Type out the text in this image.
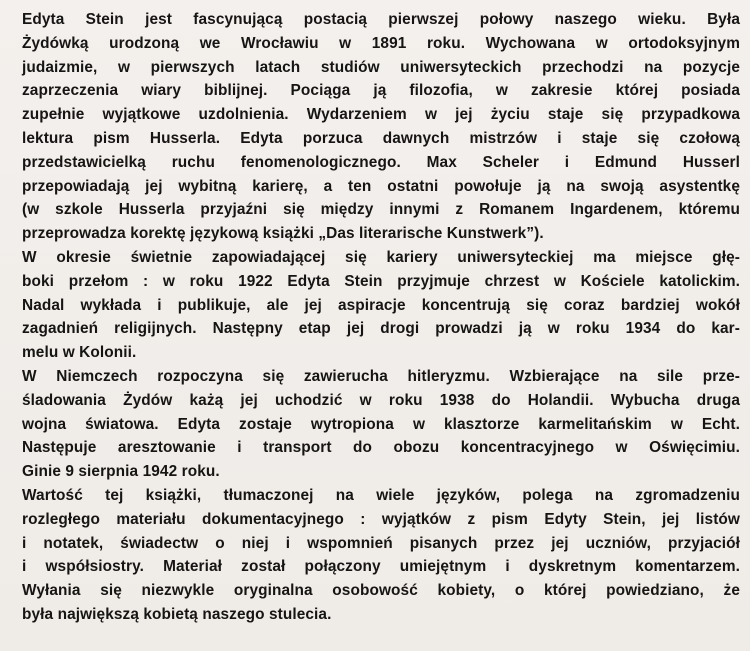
Edyta Stein jest fascynującą postacią pierwszej połowy naszego wieku. Była
Żydówką urodzoną we Wrocławiu w 1891 roku. Wychowana w ortodoksyjnym
judaizmie, w pierwszych latach studiów uniwersyteckich przechodzi na pozycje
zaprzeczenia wiary biblijnej. Pociąga ją filozofia, w zakresie której posiada
zupełnie wyjątkowe uzdolnienia. Wydarzeniem w jej życiu staje się przypadkowa
lektura pism Husserla. Edyta porzuca dawnych mistrzów i staje się czołową
przedstawicielką ruchu fenomenologicznego. Max Scheler i Edmund Husserl
przepowiadają jej wybitną karierę, a ten ostatni powołuje ją na swoją asystentkę
(w szkole Husserla przyjaźni się między innymi z Romanem Ingardenem, któremu
przeprowadza korektę językową książki „Das literarische Kunstwerk”).
W okresie świetnie zapowiadającej się kariery uniwersyteckiej ma miejsce głę-
boki przełom : w roku 1922 Edyta Stein przyjmuje chrzest w Kościele katolickim.
Nadal wykłada i publikuje, ale jej aspiracje koncentrują się coraz bardziej wokół
zagadnień religijnych. Następny etap jej drogi prowadzi ją w roku 1934 do kar-
melu w Kolonii.
W Niemczech rozpoczyna się zawierucha hitleryzmu. Wzbierające na sile prze-
śladowania Żydów każą jej uchodzić w roku 1938 do Holandii. Wybucha druga
wojna światowa. Edyta zostaje wytropiona w klasztorze karmelitańskim w Echt.
Następuje aresztowanie i transport do obozu koncentracyjnego w Oświęcimiu.
Ginie 9 sierpnia 1942 roku.
Wartość tej książki, tłumaczonej na wiele języków, polega na zgromadzeniu
rozległego materiału dokumentacyjnego : wyjątków z pism Edyty Stein, jej listów
i notatek, świadectw o niej i wspomnień pisanych przez jej uczniów, przyjaciół
i współsiostry. Materiał został połączony umiejętnym i dyskretnym komentarzem.
Wyłania się niezwykle oryginalna osobowość kobiety, o której powiedziano, że
była największą kobietą naszego stulecia.
